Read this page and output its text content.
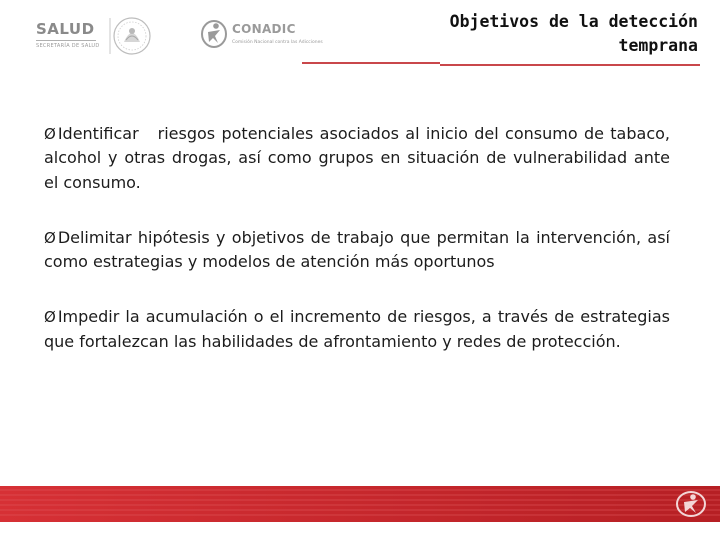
SALUD
SECRETARÍA DE SALUD
CONADIC
Comisión Nacional contra las Adicciones
Objetivos de la detección
temprana

Ø Identificar   riesgos potenciales asociados al inicio del consumo de tabaco, alcohol y otras drogas, así como grupos en situación de vulnerabilidad ante el consumo.

Ø Delimitar hipótesis y objetivos de trabajo que permitan la intervención, así como estrategias y modelos de atención más oportunos

Ø Impedir la acumulación o el incremento de riesgos, a través de estrategias que fortalezcan las habilidades de afrontamiento y redes de protección.
